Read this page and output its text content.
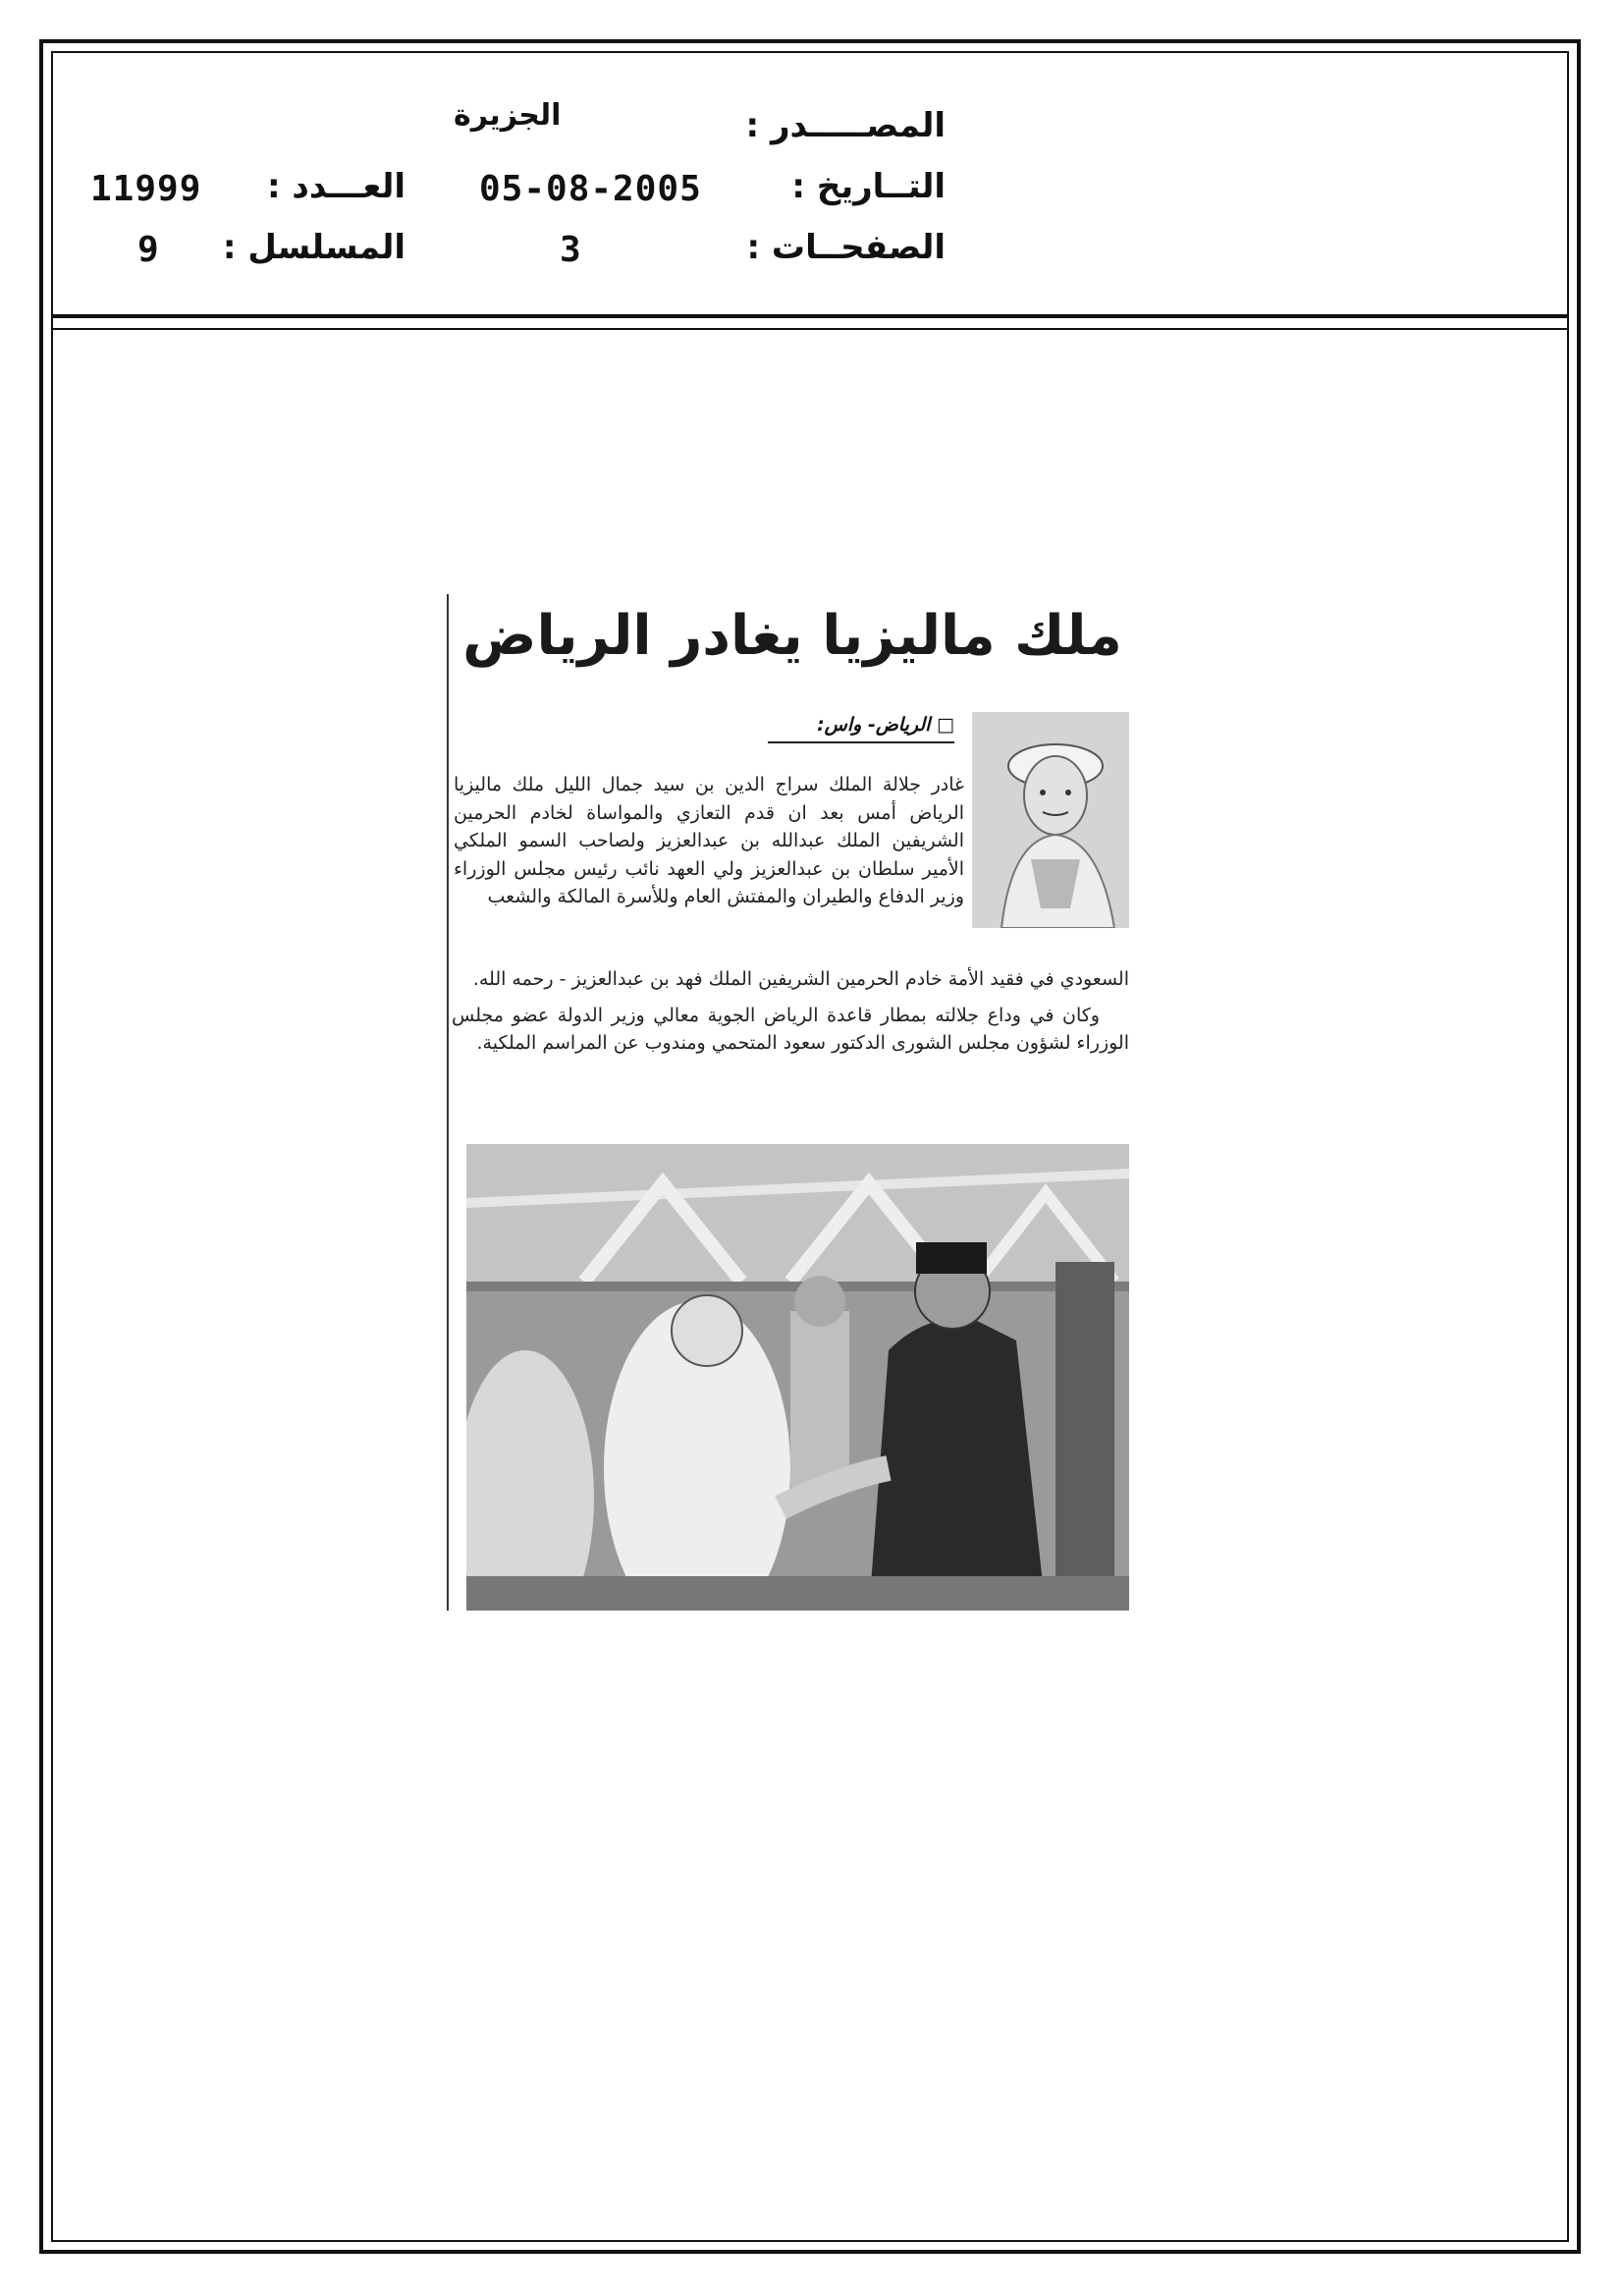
المصـــــدر :
الجزيرة
التــاريخ :
05-08-2005
الصفحــات :
3
العـــدد :
11999
المسلسل :
9
ملك ماليزيا يغادر الرياض
□ الرياض- واس:
غادر جلالة الملك سراج الدين بن سيد جمال الليل ملك ماليزيا الرياض أمس بعد ان قدم التعازي والمواساة لخادم الحرمين الشريفين الملك عبدالله بن عبدالعزيز ولصاحب السمو الملكي الأمير سلطان بن عبدالعزيز ولي العهد نائب رئيس مجلس الوزراء وزير الدفاع والطيران والمفتش العام وللأسرة المالكة والشعب
السعودي في فقيد الأمة خادم الحرمين الشريفين الملك فهد بن عبدالعزيز - رحمه الله.
وكان في وداع جلالته بمطار قاعدة الرياض الجوية معالي وزير الدولة عضو مجلس الوزراء لشؤون مجلس الشورى الدكتور سعود المتحمي ومندوب عن المراسم الملكية.
